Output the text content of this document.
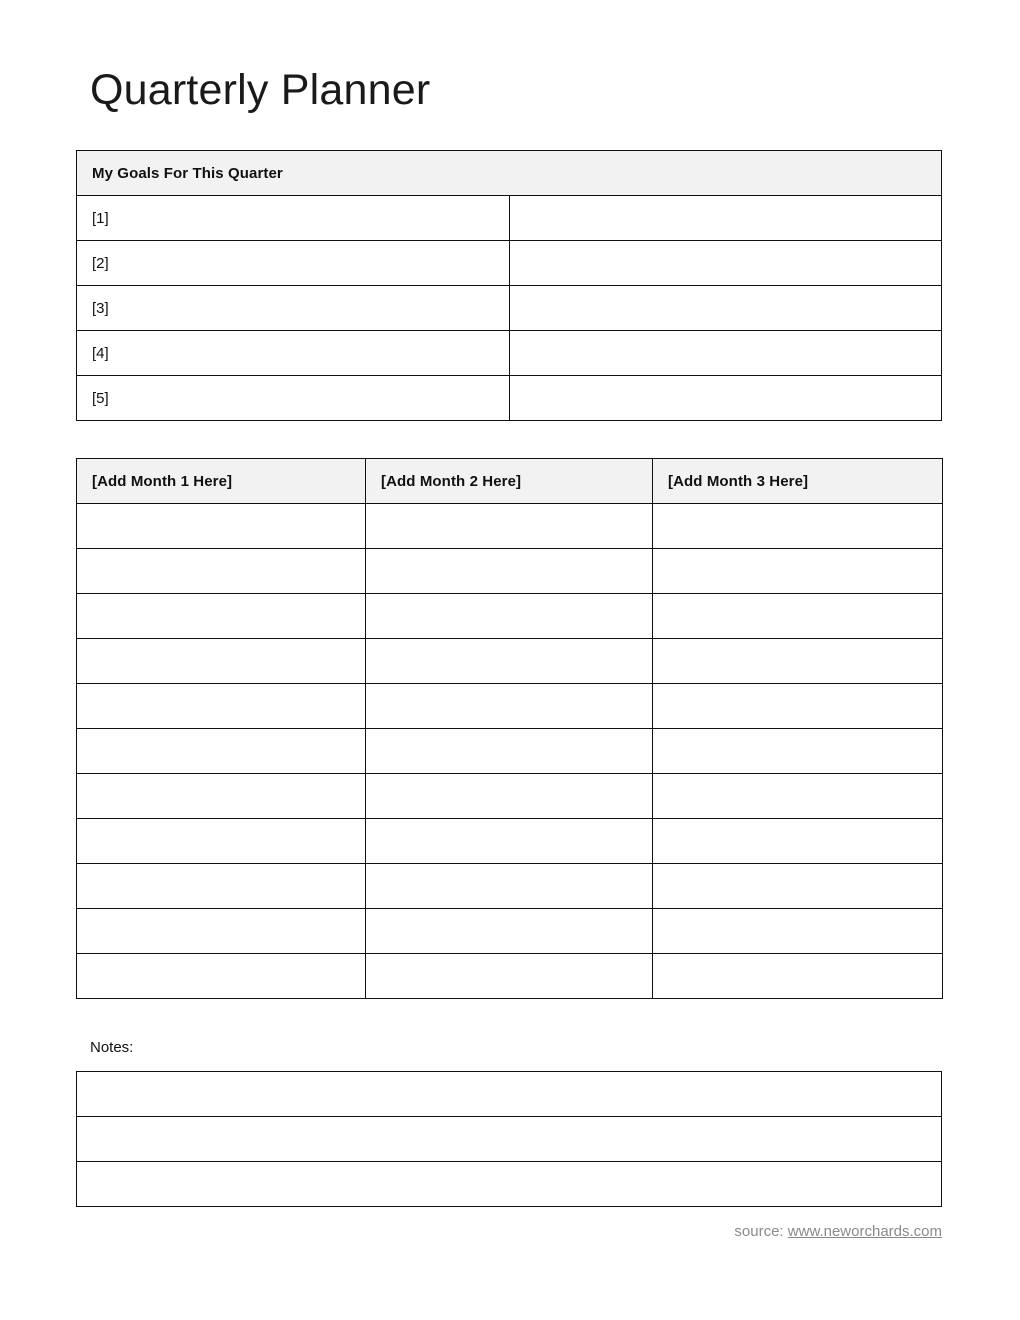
Quarterly Planner
My Goals For This Quarter	
[1]	
[2]	
[3]	
[4]	
[5]	
[Add Month 1 Here]	[Add Month 2 Here]	[Add Month 3 Here]

Notes:

source: www.neworchards.com
